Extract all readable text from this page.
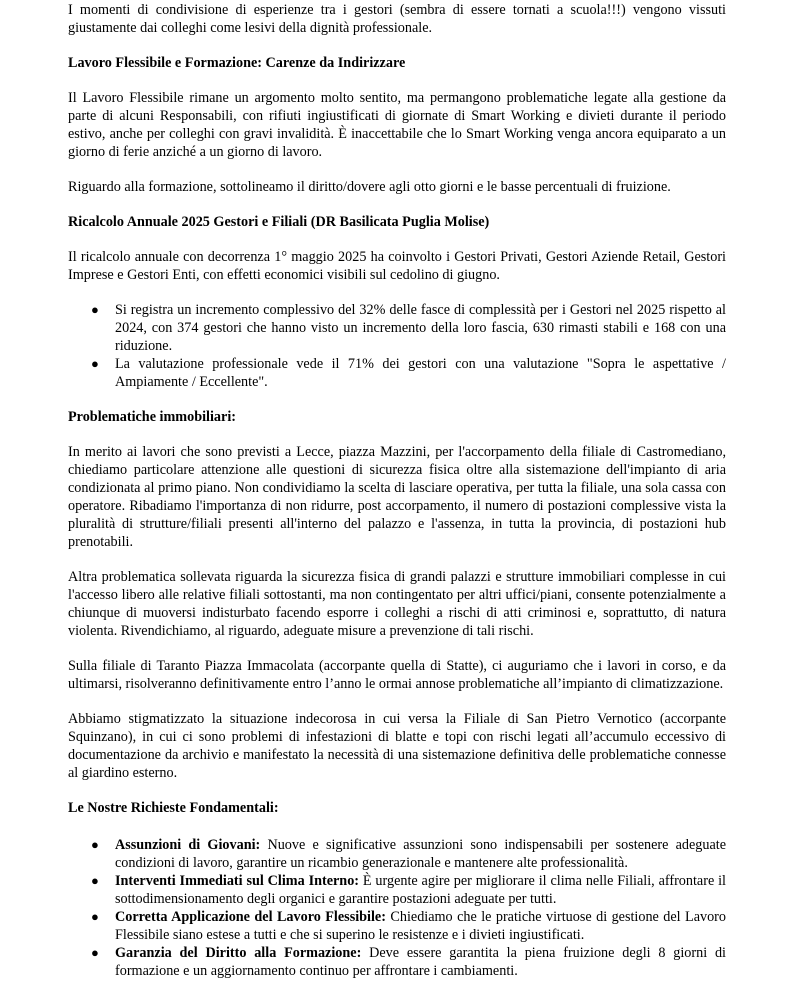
I momenti di condivisione di esperienze tra i gestori (sembra di essere tornati a scuola!!!) vengono vissuti giustamente dai colleghi come lesivi della dignità professionale.

Lavoro Flessibile e Formazione: Carenze da Indirizzare

Il Lavoro Flessibile rimane un argomento molto sentito, ma permangono problematiche legate alla gestione da parte di alcuni Responsabili, con rifiuti ingiustificati di giornate di Smart Working e divieti durante il periodo estivo, anche per colleghi con gravi invalidità. È inaccettabile che lo Smart Working venga ancora equiparato a un giorno di ferie anziché a un giorno di lavoro.

Riguardo alla formazione, sottolineamo il diritto/dovere agli otto giorni e le basse percentuali di fruizione.

Ricalcolo Annuale 2025 Gestori e Filiali (DR Basilicata Puglia Molise)

Il ricalcolo annuale con decorrenza 1° maggio 2025 ha coinvolto i Gestori Privati, Gestori Aziende Retail, Gestori Imprese e Gestori Enti, con effetti economici visibili sul cedolino di giugno.

● Si registra un incremento complessivo del 32% delle fasce di complessità per i Gestori nel 2025 rispetto al 2024, con 374 gestori che hanno visto un incremento della loro fascia, 630 rimasti stabili e 168 con una riduzione.
● La valutazione professionale vede il 71% dei gestori con una valutazione "Sopra le aspettative / Ampiamente / Eccellente".
Problematiche immobiliari:

In merito ai lavori che sono previsti a Lecce, piazza Mazzini, per l'accorpamento della filiale di Castromediano, chiediamo particolare attenzione alle questioni di sicurezza fisica oltre alla sistemazione dell'impianto di aria condizionata al primo piano. Non condividiamo la scelta di lasciare operativa, per tutta la filiale, una sola cassa con operatore. Ribadiamo l'importanza di non ridurre, post accorpamento, il numero di postazioni complessive vista la pluralità di strutture/filiali presenti all'interno del palazzo e l'assenza, in tutta la provincia, di postazioni hub prenotabili.

Altra problematica sollevata riguarda la sicurezza fisica di grandi palazzi e strutture immobiliari complesse in cui l'accesso libero alle relative filiali sottostanti, ma non contingentato per altri uffici/piani, consente potenzialmente a chiunque di muoversi indisturbato facendo esporre i colleghi a rischi di atti criminosi e, soprattutto, di natura violenta. Rivendichiamo, al riguardo, adeguate misure a prevenzione di tali rischi.

Sulla filiale di Taranto Piazza Immacolata (accorpante quella di Statte), ci auguriamo che i lavori in corso, e da ultimarsi, risolveranno definitivamente entro l’anno le ormai annose problematiche all’impianto di climatizzazione.

Abbiamo stigmatizzato la situazione indecorosa in cui versa la Filiale di San Pietro Vernotico (accorpante Squinzano), in cui ci sono problemi di infestazioni di blatte e topi con rischi legati all’accumulo eccessivo di documentazione da archivio e manifestato la necessità di una sistemazione definitiva delle problematiche connesse al giardino esterno.

Le Nostre Richieste Fondamentali:
● Assunzioni di Giovani: Nuove e significative assunzioni sono indispensabili per sostenere adeguate condizioni di lavoro, garantire un ricambio generazionale e mantenere alte professionalità.
● Interventi Immediati sul Clima Interno: È urgente agire per migliorare il clima nelle Filiali, affrontare il sottodimensionamento degli organici e garantire postazioni adeguate per tutti.
● Corretta Applicazione del Lavoro Flessibile: Chiediamo che le pratiche virtuose di gestione del Lavoro Flessibile siano estese a tutti e che si superino le resistenze e i divieti ingiustificati.
● Garanzia del Diritto alla Formazione: Deve essere garantita la piena fruizione degli 8 giorni di formazione e un aggiornamento continuo per affrontare i cambiamenti.
